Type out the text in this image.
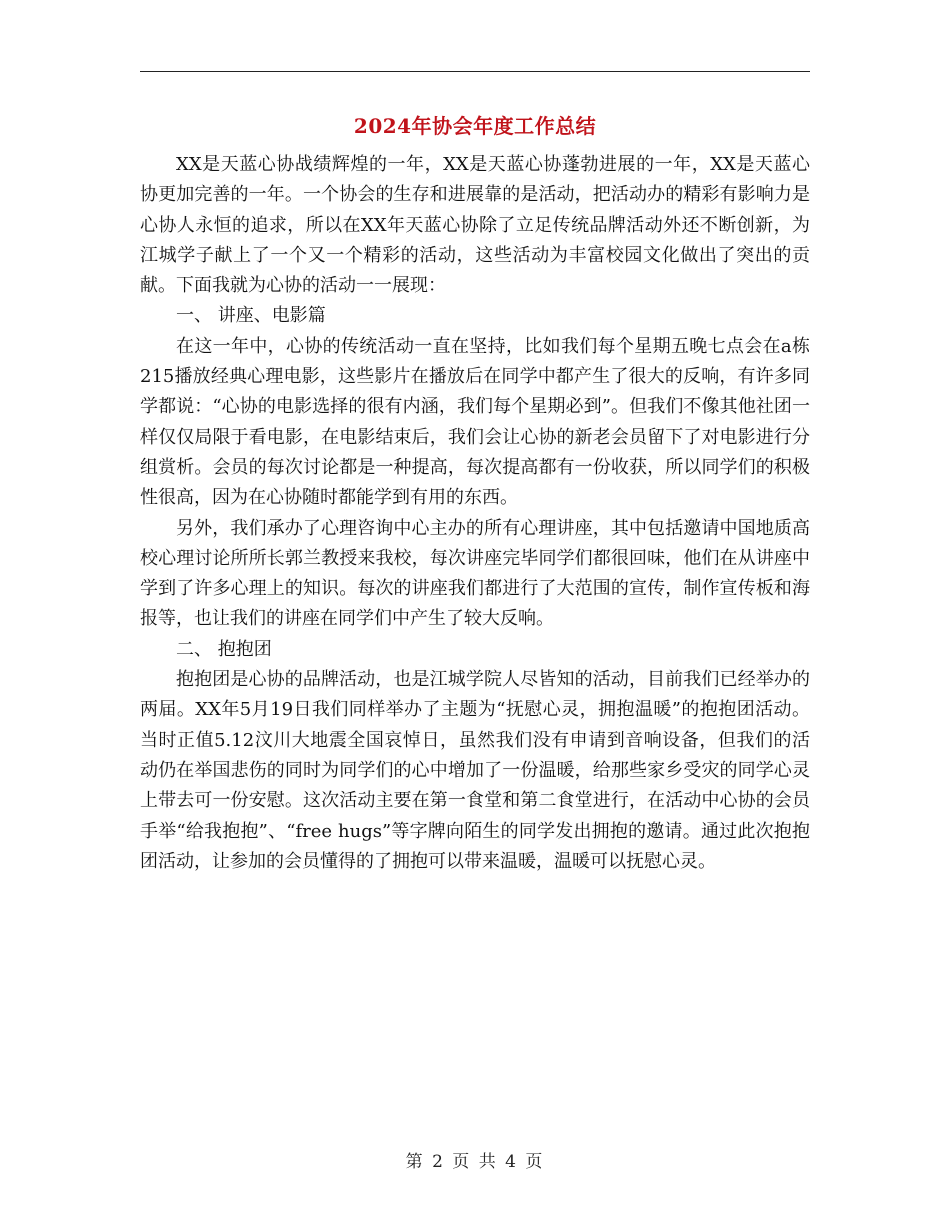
2024年协会年度工作总结

XX是天蓝心协战绩辉煌的一年，XX是天蓝心协蓬勃进展的一年，XX是天蓝心协更加完善的一年。一个协会的生存和进展靠的是活动，把活动办的精彩有影响力是心协人永恒的追求，所以在XX年天蓝心协除了立足传统品牌活动外还不断创新，为江城学子献上了一个又一个精彩的活动，这些活动为丰富校园文化做出了突出的贡献。下面我就为心协的活动一一展现：

一、 讲座、电影篇

在这一年中，心协的传统活动一直在坚持，比如我们每个星期五晚七点会在a栋215播放经典心理电影，这些影片在播放后在同学中都产生了很大的反响，有许多同学都说：“心协的电影选择的很有内涵，我们每个星期必到”。但我们不像其他社团一样仅仅局限于看电影，在电影结束后，我们会让心协的新老会员留下了对电影进行分组赏析。会员的每次讨论都是一种提高，每次提高都有一份收获，所以同学们的积极性很高，因为在心协随时都能学到有用的东西。

另外，我们承办了心理咨询中心主办的所有心理讲座，其中包括邀请中国地质高校心理讨论所所长郭兰教授来我校，每次讲座完毕同学们都很回味，他们在从讲座中学到了许多心理上的知识。每次的讲座我们都进行了大范围的宣传，制作宣传板和海报等，也让我们的讲座在同学们中产生了较大反响。

二、 抱抱团

抱抱团是心协的品牌活动，也是江城学院人尽皆知的活动，目前我们已经举办的两届。XX年5月19日我们同样举办了主题为“抚慰心灵，拥抱温暖”的抱抱团活动。当时正值5.12汶川大地震全国哀悼日，虽然我们没有申请到音响设备，但我们的活动仍在举国悲伤的同时为同学们的心中增加了一份温暖，给那些家乡受灾的同学心灵上带去可一份安慰。这次活动主要在第一食堂和第二食堂进行，在活动中心协的会员手举“给我抱抱”、“free hugs”等字牌向陌生的同学发出拥抱的邀请。通过此次抱抱团活动，让参加的会员懂得的了拥抱可以带来温暖，温暖可以抚慰心灵。

第 2 页 共 4 页
